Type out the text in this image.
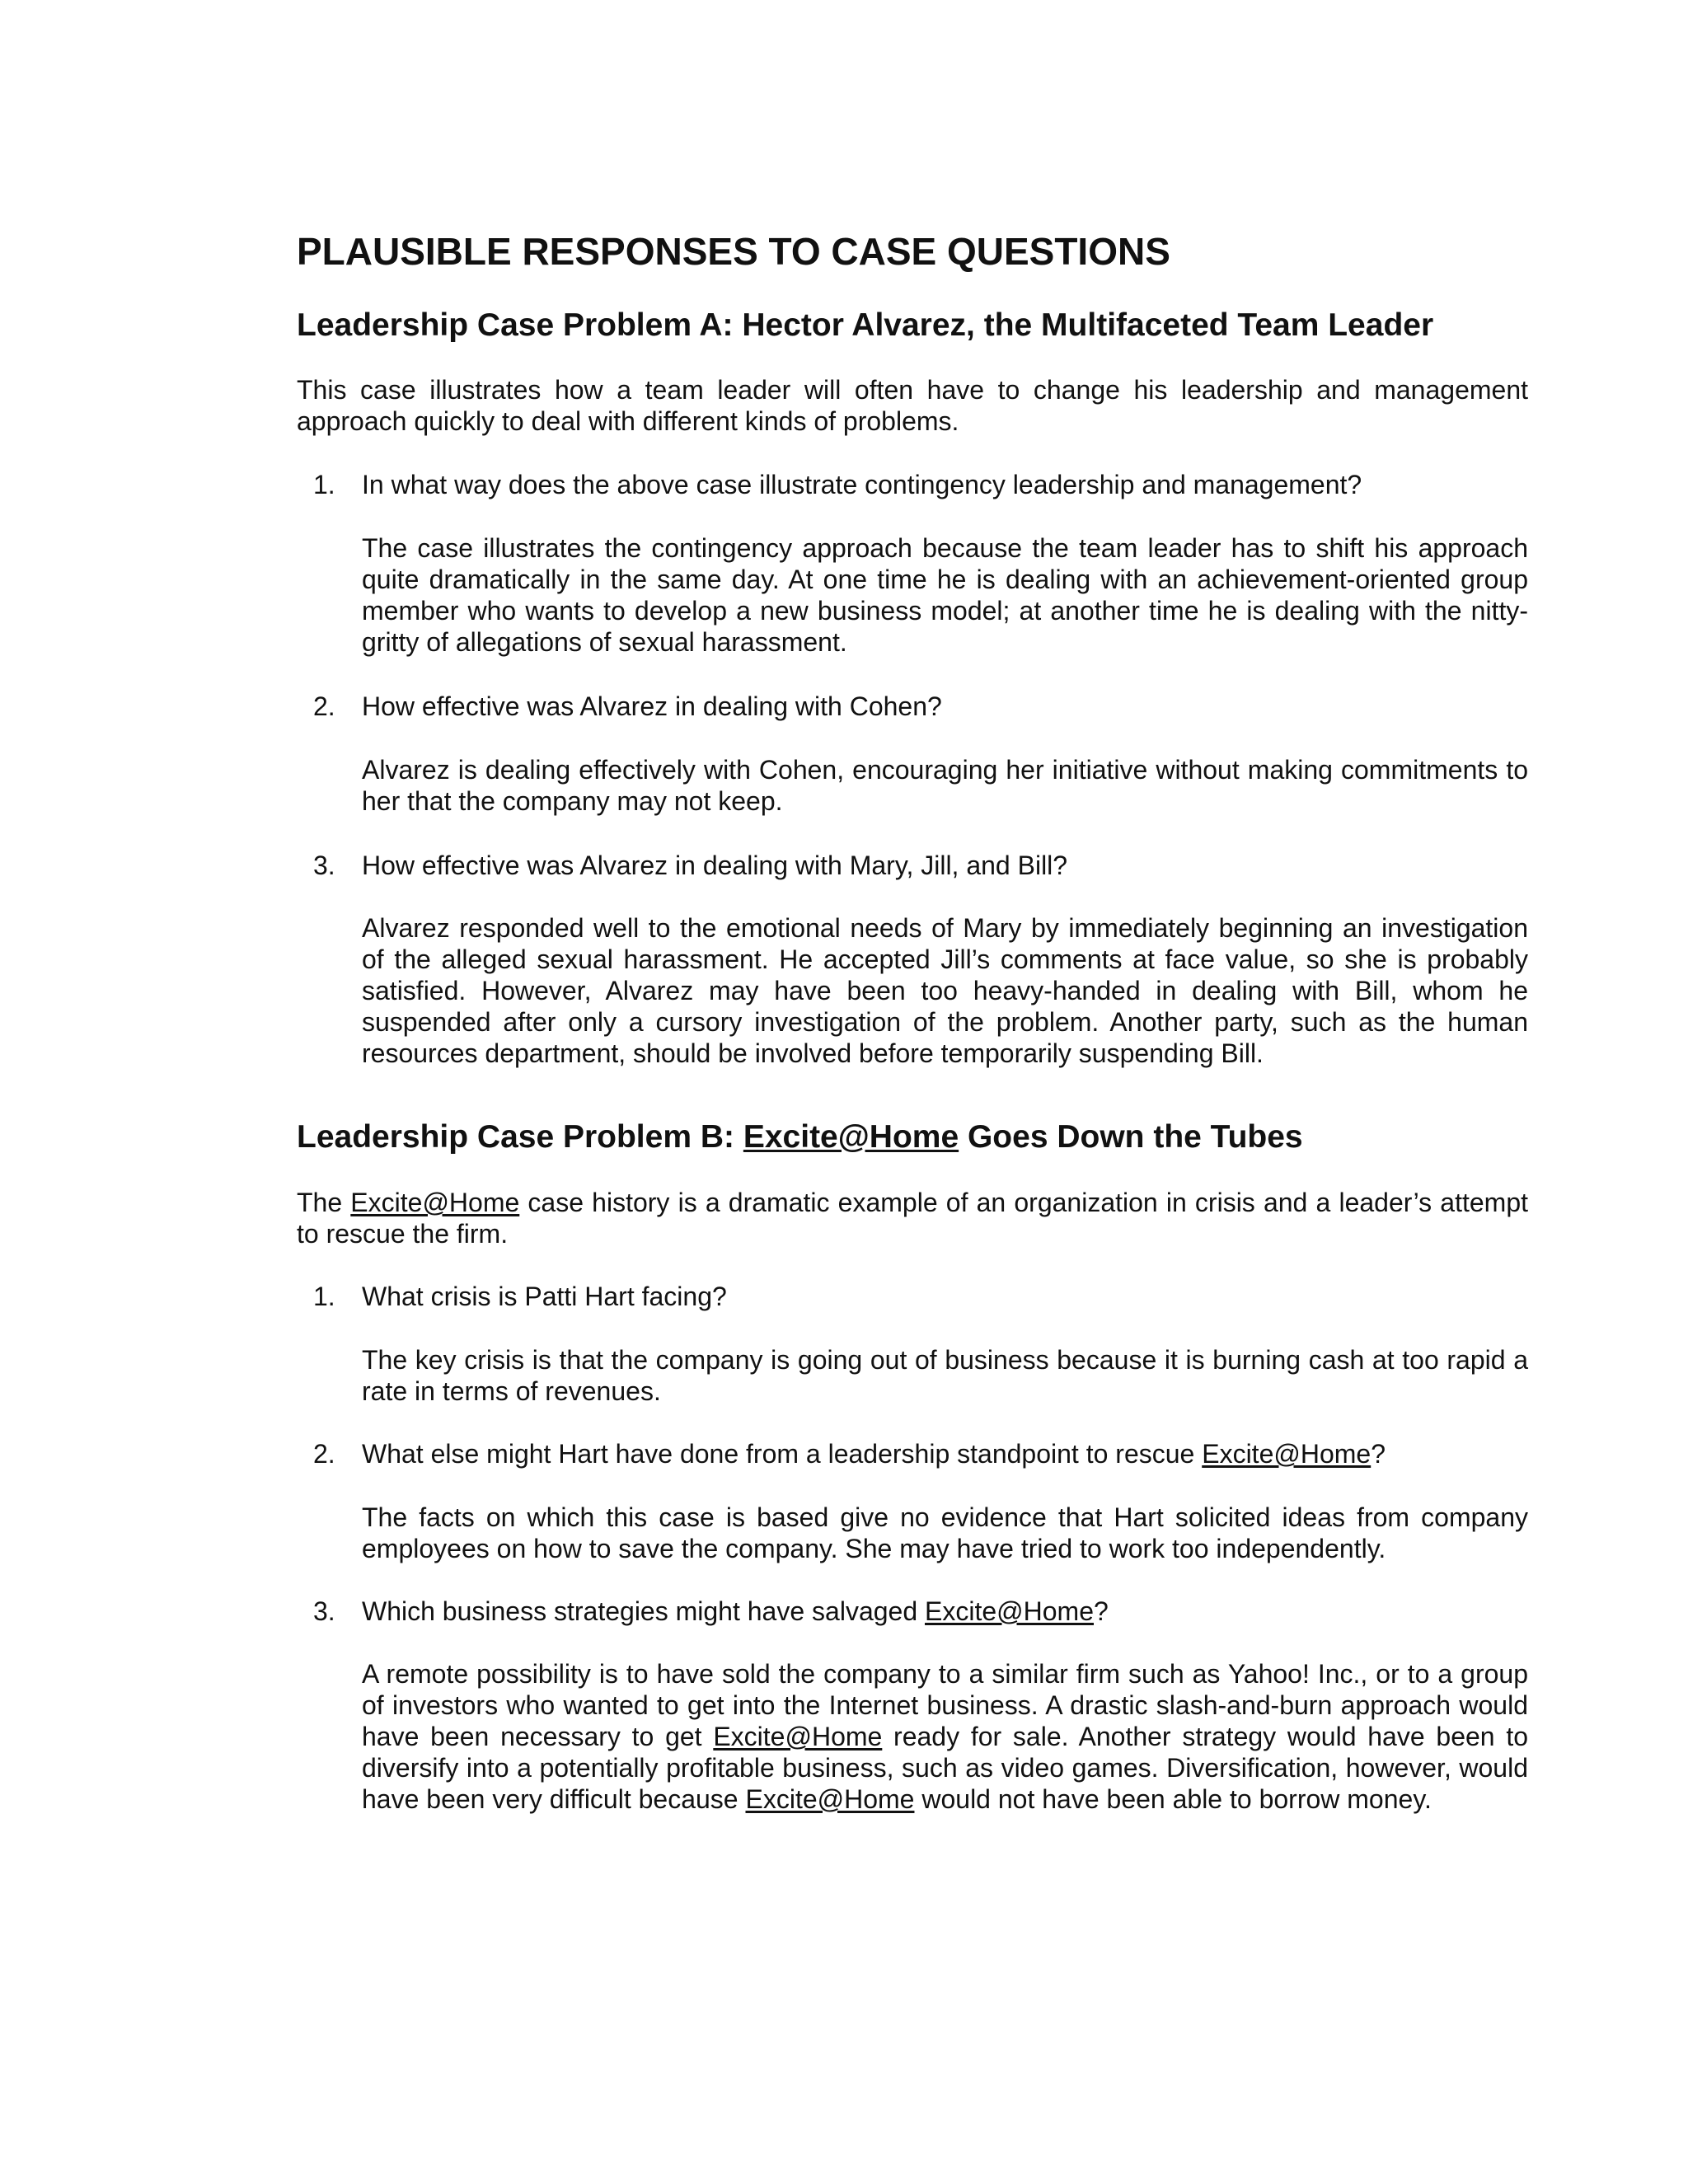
PLAUSIBLE RESPONSES TO CASE QUESTIONS
Leadership Case Problem A: Hector Alvarez, the Multifaceted Team Leader

This case illustrates how a team leader will often have to change his leadership and management approach quickly to deal with different kinds of problems.

1. In what way does the above case illustrate contingency leadership and management?

The case illustrates the contingency approach because the team leader has to shift his approach quite dramatically in the same day. At one time he is dealing with an achievement-oriented group member who wants to develop a new business model; at another time he is dealing with the nitty-gritty of allegations of sexual harassment.

2. How effective was Alvarez in dealing with Cohen?

Alvarez is dealing effectively with Cohen, encouraging her initiative without making commitments to her that the company may not keep.

3. How effective was Alvarez in dealing with Mary, Jill, and Bill?

Alvarez responded well to the emotional needs of Mary by immediately beginning an investigation of the alleged sexual harassment. He accepted Jill’s comments at face value, so she is probably satisfied. However, Alvarez may have been too heavy-handed in dealing with Bill, whom he suspended after only a cursory investigation of the problem. Another party, such as the human resources department, should be involved before temporarily suspending Bill.

Leadership Case Problem B: Excite@Home Goes Down the Tubes

The Excite@Home case history is a dramatic example of an organization in crisis and a leader’s attempt to rescue the firm.

1. What crisis is Patti Hart facing?

The key crisis is that the company is going out of business because it is burning cash at too rapid a rate in terms of revenues.

2. What else might Hart have done from a leadership standpoint to rescue Excite@Home?

The facts on which this case is based give no evidence that Hart solicited ideas from company employees on how to save the company. She may have tried to work too independently.

3. Which business strategies might have salvaged Excite@Home?

A remote possibility is to have sold the company to a similar firm such as Yahoo! Inc., or to a group of investors who wanted to get into the Internet business. A drastic slash-and-burn approach would have been necessary to get Excite@Home ready for sale. Another strategy would have been to diversify into a potentially profitable business, such as video games. Diversification, however, would have been very difficult because Excite@Home would not have been able to borrow money.
